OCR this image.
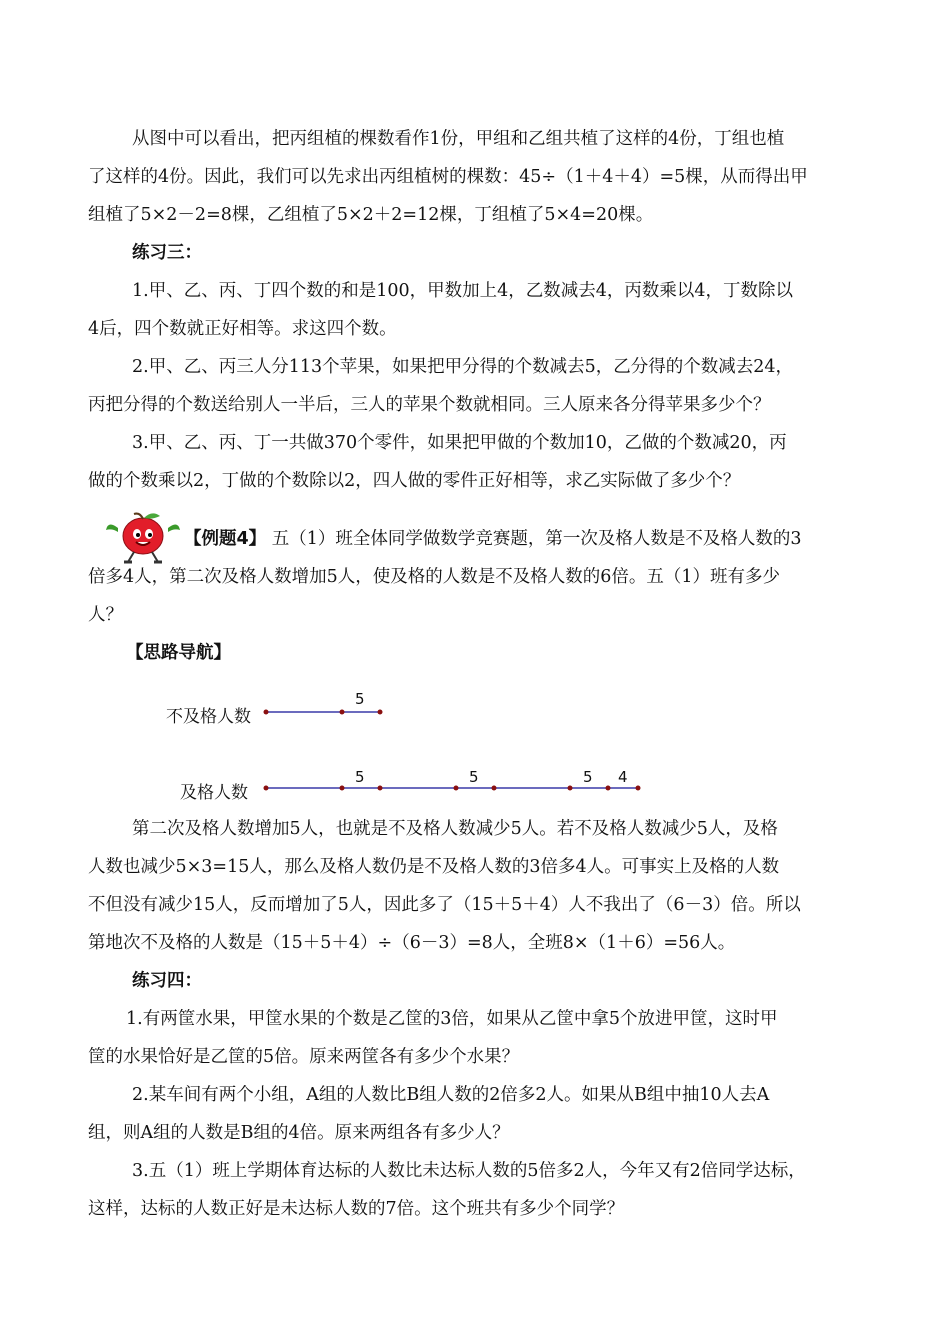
从图中可以看出，把丙组植的棵数看作1份，甲组和乙组共植了这样的4份，丁组也植

了这样的4份。因此，我们可以先求出丙组植树的棵数：45÷（1＋4＋4）=5棵，从而得出甲

组植了5×2－2=8棵，乙组植了5×2＋2=12棵，丁组植了5×4=20棵。

练习三：

1.甲、乙、丙、丁四个数的和是100，甲数加上4，乙数减去4，丙数乘以4，丁数除以

4后，四个数就正好相等。求这四个数。

2.甲、乙、丙三人分113个苹果，如果把甲分得的个数减去5，乙分得的个数减去24，

丙把分得的个数送给别人一半后，三人的苹果个数就相同。三人原来各分得苹果多少个？

3.甲、乙、丙、丁一共做370个零件，如果把甲做的个数加10，乙做的个数减20，丙

做的个数乘以2，丁做的个数除以2，四人做的零件正好相等，求乙实际做了多少个？

【例题4】 五（1）班全体同学做数学竞赛题，第一次及格人数是不及格人数的3

倍多4人，第二次及格人数增加5人，使及格的人数是不及格人数的6倍。五（1）班有多少

人？

【思路导航】

不及格人数
及格人数
5
5	5	5 4

第二次及格人数增加5人，也就是不及格人数减少5人。若不及格人数减少5人，及格

人数也减少5×3=15人，那么及格人数仍是不及格人数的3倍多4人。可事实上及格的人数

不但没有减少15人，反而增加了5人，因此多了（15＋5＋4）人不我出了（6－3）倍。所以

第地次不及格的人数是（15＋5＋4）÷（6－3）=8人，全班8×（1＋6）=56人。

练习四：

1.有两筐水果，甲筐水果的个数是乙筐的3倍，如果从乙筐中拿5个放进甲筐，这时甲

筐的水果恰好是乙筐的5倍。原来两筐各有多少个水果？

2.某车间有两个小组，A组的人数比B组人数的2倍多2人。如果从B组中抽10人去A

组，则A组的人数是B组的4倍。原来两组各有多少人？

3.五（1）班上学期体育达标的人数比未达标人数的5倍多2人，今年又有2倍同学达标，

这样，达标的人数正好是未达标人数的7倍。这个班共有多少个同学？
